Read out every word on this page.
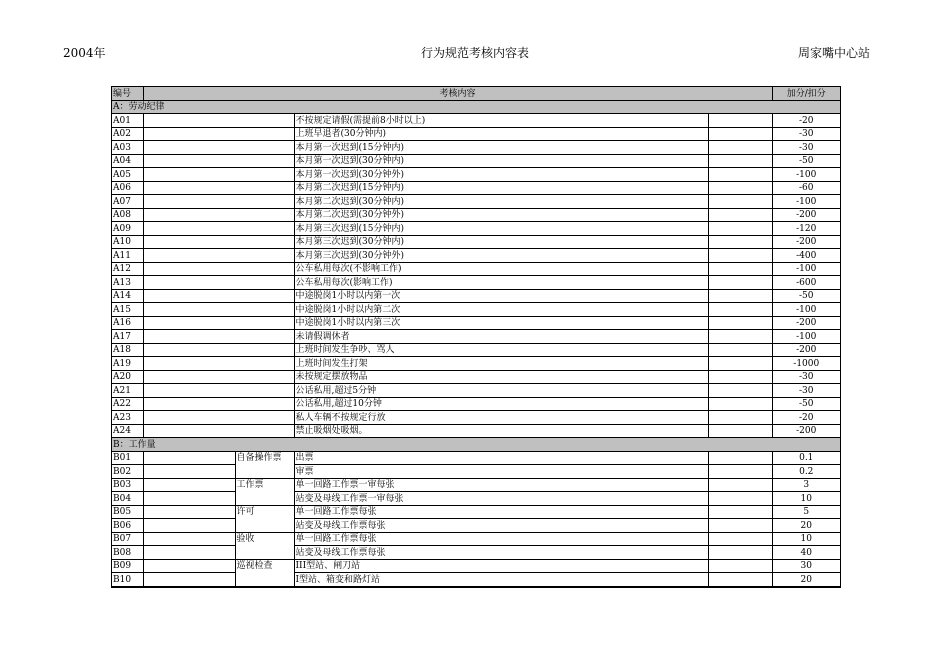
2004年	行为规范考核内容表	周家嘴中心站
编号	考核内容				加分/扣分
A：劳动纪律					
A01			不按规定请假(需提前8小时以上)		-20
A02			上班早退者(30分钟内)		-30
A03			本月第一次迟到(15分钟内)		-30
A04			本月第一次迟到(30分钟内)		-50
A05			本月第一次迟到(30分钟外)		-100
A06			本月第二次迟到(15分钟内)		-60
A07			本月第二次迟到(30分钟内)		-100
A08			本月第二次迟到(30分钟外)		-200
A09			本月第三次迟到(15分钟内)		-120
A10			本月第三次迟到(30分钟内)		-200
A11			本月第三次迟到(30分钟外)		-400
A12			公车私用每次(不影响工作)		-100
A13			公车私用每次(影响工作)		-600
A14			中途脱岗1小时以内第一次		-50
A15			中途脱岗1小时以内第二次		-100
A16			中途脱岗1小时以内第三次		-200
A17			未请假调休者		-100
A18			上班时间发生争吵、骂人		-200
A19			上班时间发生打架		-1000
A20			未按规定摆放物品		-30
A21			公话私用,超过5分钟		-30
A22			公话私用,超过10分钟		-50
A23			私人车辆不按规定行放		-20
A24			禁止吸烟处吸烟。		-200
B：工作量					
B01		自备操作票	出票		0.1
B02			审票		0.2
B03		工作票	单一回路工作票一审每张		3
B04			站变及母线工作票一审每张		10
B05		许可	单一回路工作票每张		5
B06			站变及母线工作票每张		20
B07		验收	单一回路工作票每张		10
B08			站变及母线工作票每张		40
B09		巡视检查	III型站、闸刀站		30
B10			I型站、箱变和路灯站		20
